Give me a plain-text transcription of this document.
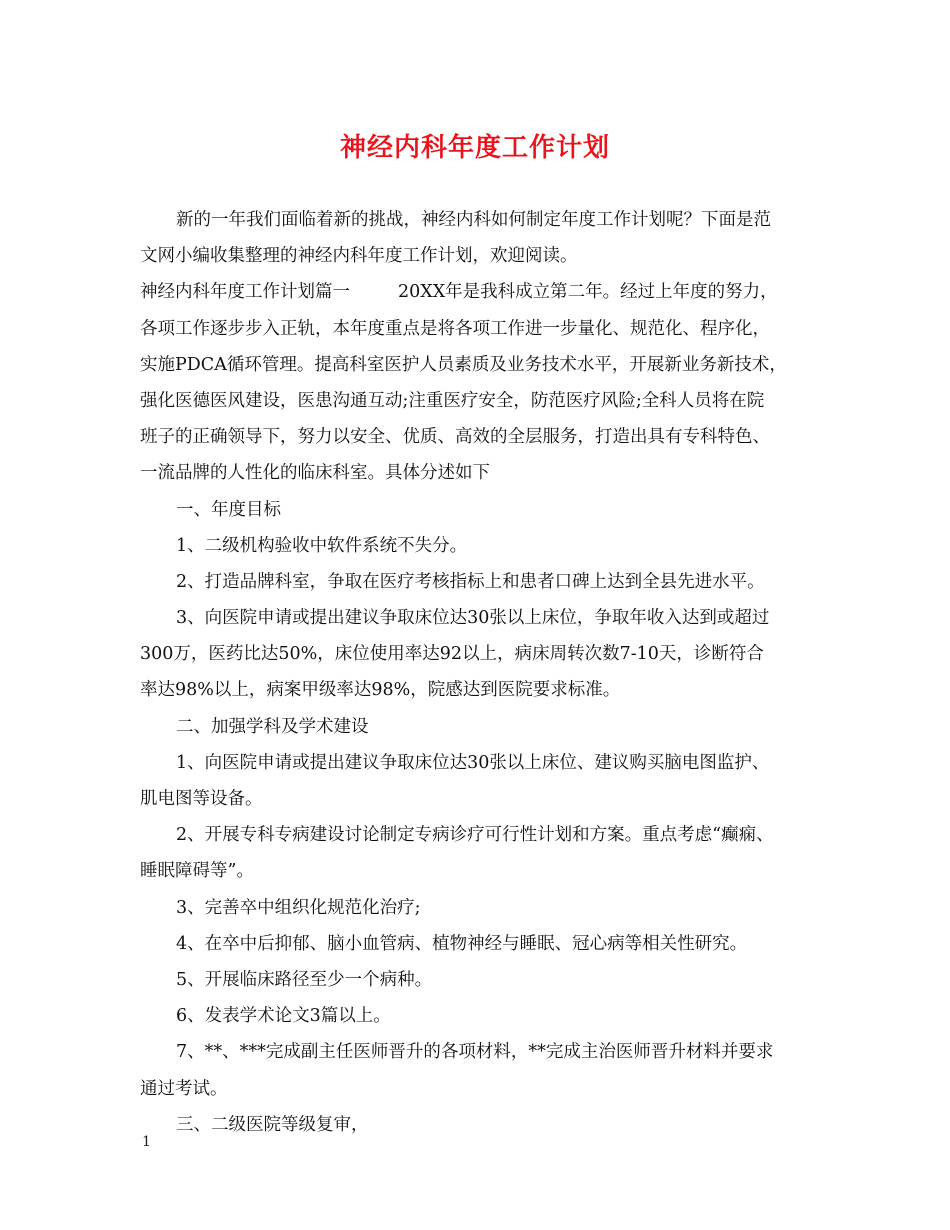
神经内科年度工作计划
新的一年我们面临着新的挑战，神经内科如何制定年度工作计划呢？下面是范
文网小编收集整理的神经内科年度工作计划，欢迎阅读。
神经内科年度工作计划篇一	20XX年是我科成立第二年。经过上年度的努力，
各项工作逐步步入正轨，本年度重点是将各项工作进一步量化、规范化、程序化，
实施PDCA循环管理。提高科室医护人员素质及业务技术水平，开展新业务新技术，
强化医德医风建设，医患沟通互动;注重医疗安全，防范医疗风险;全科人员将在院
班子的正确领导下，努力以安全、优质、高效的全层服务，打造出具有专科特色、
一流品牌的人性化的临床科室。具体分述如下
一、年度目标
1、二级机构验收中软件系统不失分。
2、打造品牌科室，争取在医疗考核指标上和患者口碑上达到全县先进水平。
3、向医院申请或提出建议争取床位达30张以上床位，争取年收入达到或超过
300万，医药比达50%，床位使用率达92以上，病床周转次数7-10天，诊断符合
率达98%以上，病案甲级率达98%，院感达到医院要求标准。
二、加强学科及学术建设
1、向医院申请或提出建议争取床位达30张以上床位、建议购买脑电图监护、
肌电图等设备。
2、开展专科专病建设讨论制定专病诊疗可行性计划和方案。重点考虑“癫痫、
睡眠障碍等”。
3、完善卒中组织化规范化治疗;
4、在卒中后抑郁、脑小血管病、植物神经与睡眠、冠心病等相关性研究。
5、开展临床路径至少一个病种。
6、发表学术论文3篇以上。
7、**、***完成副主任医师晋升的各项材料，**完成主治医师晋升材料并要求
通过考试。
三、二级医院等级复审，
1
